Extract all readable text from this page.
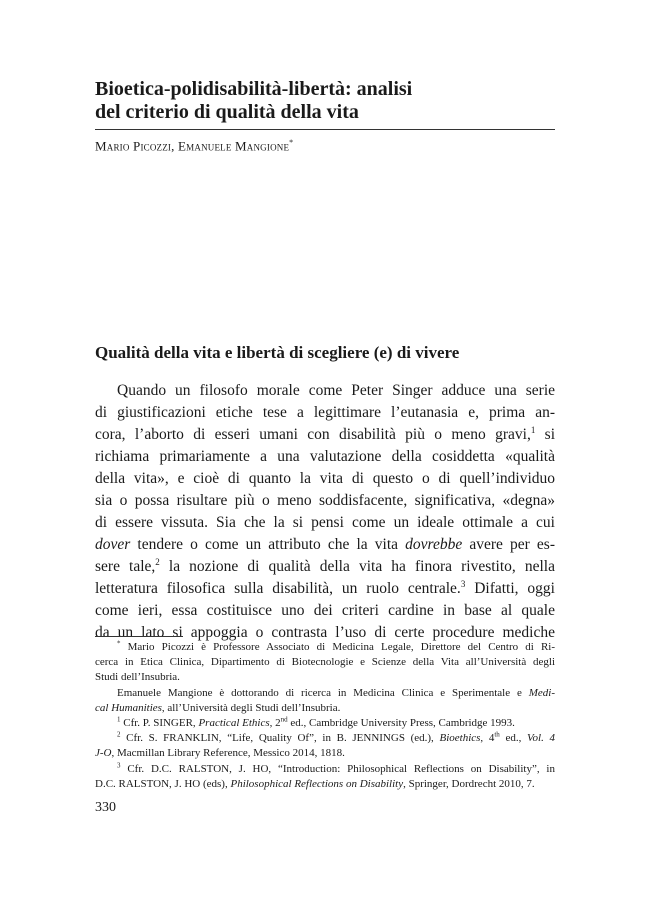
Bioetica-polidisabilità-libertà: analisi
del criterio di qualità della vita
Mario Picozzi, Emanuele Mangione*
Qualità della vita e libertà di scegliere (e) di vivere
Quando un filosofo morale come Peter Singer adduce una serie
di giustificazioni etiche tese a legittimare l’eutanasia e, prima an-
cora, l’aborto di esseri umani con disabilità più o meno gravi,$^1$ si
richiama primariamente a una valutazione della cosiddetta «qualità
della vita», e cioè di quanto la vita di questo o di quell’individuo
sia o possa risultare più o meno soddisfacente, significativa, «degna»
di essere vissuta. Sia che la si pensi come un ideale ottimale a cui
dover tendere o come un attributo che la vita dovrebbe avere per es-
sere tale,$^2$ la nozione di qualità della vita ha finora rivestito, nella
letteratura filosofica sulla disabilità, un ruolo centrale.$^3$ Difatti, oggi
come ieri, essa costituisce uno dei criteri cardine in base al quale
da un lato si appoggia o contrasta l’uso di certe procedure mediche
* Mario Picozzi è Professore Associato di Medicina Legale, Direttore del Centro di Ri-
cerca in Etica Clinica, Dipartimento di Biotecnologie e Scienze della Vita all’Università degli
Studi dell’Insubria.
Emanuele Mangione è dottorando di ricerca in Medicina Clinica e Sperimentale e Medi-
cal Humanities, all’Università degli Studi dell’Insubria.
$^1$ Cfr. P. SINGER, Practical Ethics, 2nd ed., Cambridge University Press, Cambridge 1993.
$^2$ Cfr. S. FRANKLIN, “Life, Quality Of”, in B. JENNINGS (ed.), Bioethics, 4th ed., Vol. 4
J-O, Macmillan Library Reference, Messico 2014, 1818.
$^3$ Cfr. D.C. RALSTON, J. HO, “Introduction: Philosophical Reflections on Disability”, in
D.C. RALSTON, J. HO (eds), Philosophical Reflections on Disability, Springer, Dordrecht 2010, 7.
330
